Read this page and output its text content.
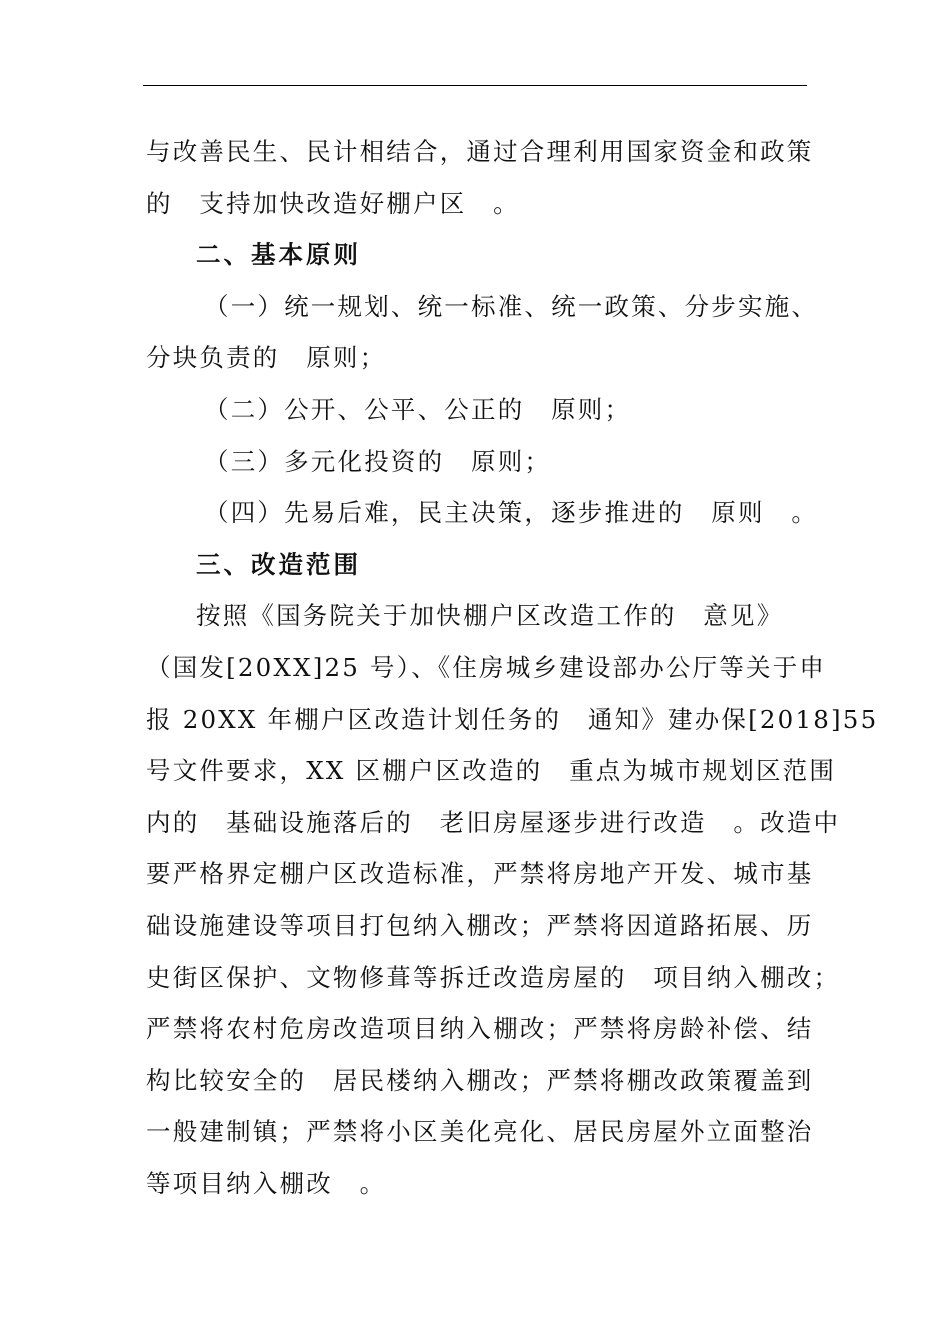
与改善民生、民计相结合，通过合理利用国家资金和政策
的　支持加快改造好棚户区　。
二、基本原则
（一）统一规划、统一标准、统一政策、分步实施、
分块负责的　原则；
（二）公开、公平、公正的　原则；
（三）多元化投资的　原则；
（四）先易后难，民主决策，逐步推进的　原则　。
三、改造范围
按照《国务院关于加快棚户区改造工作的　意见》
（国发[20XX]25 号）、《住房城乡建设部办公厅等关于申
报 20XX 年棚户区改造计划任务的　通知》建办保[2018]55
号文件要求，XX 区棚户区改造的　重点为城市规划区范围
内的　基础设施落后的　老旧房屋逐步进行改造　。改造中
要严格界定棚户区改造标准，严禁将房地产开发、城市基
础设施建设等项目打包纳入棚改；严禁将因道路拓展、历
史街区保护、文物修葺等拆迁改造房屋的　项目纳入棚改；
严禁将农村危房改造项目纳入棚改；严禁将房龄补偿、结
构比较安全的　居民楼纳入棚改；严禁将棚改政策覆盖到
一般建制镇；严禁将小区美化亮化、居民房屋外立面整治
等项目纳入棚改　。
